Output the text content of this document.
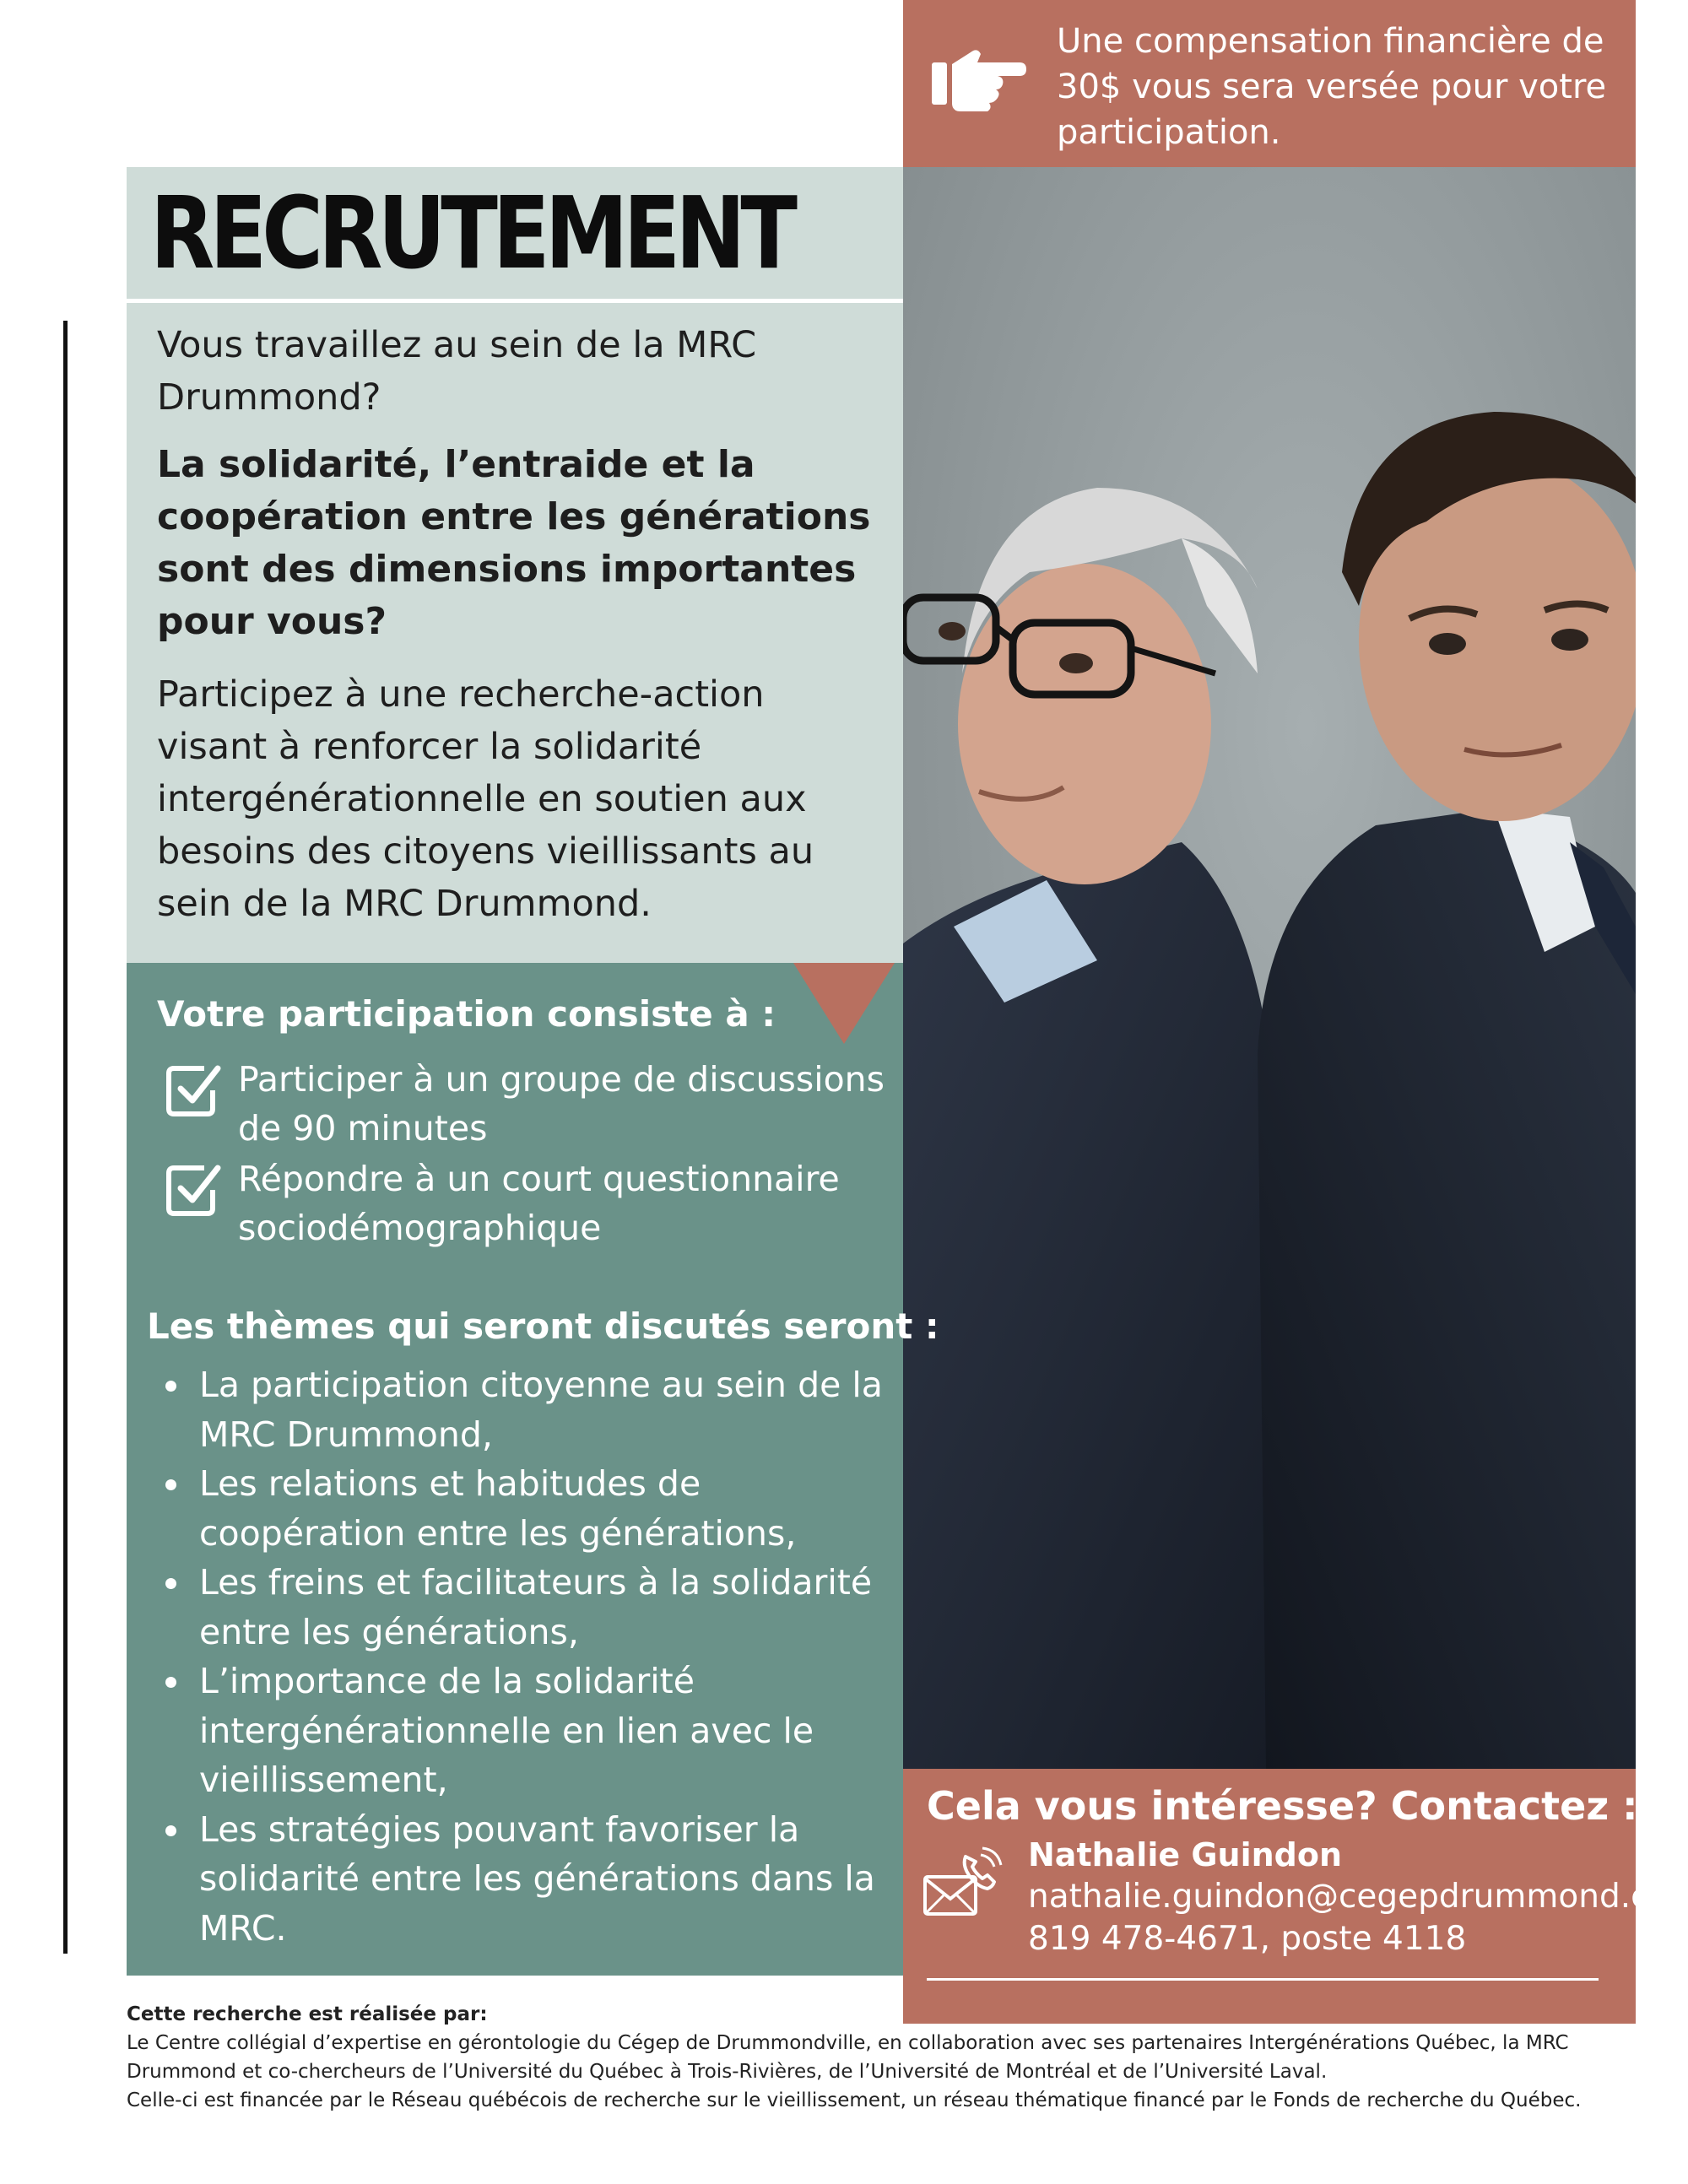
Une compensation financière de 30$ vous sera versée pour votre participation.
RECRUTEMENT
Vous travaillez au sein de la MRC Drummond?
La solidarité, l’entraide et la coopération entre les générations sont des dimensions importantes pour vous?
Participez à une recherche-action visant à renforcer la solidarité intergénérationnelle en soutien aux besoins des citoyens vieillissants au sein de la MRC Drummond.
Votre participation consiste à :
Participer à un groupe de discussions de 90 minutes
Répondre à un court questionnaire sociodémographique
Les thèmes qui seront discutés seront :
• La participation citoyenne au sein de la MRC Drummond,
• Les relations et habitudes de coopération entre les générations,
• Les freins et facilitateurs à la solidarité entre les générations,
• L’importance de la solidarité intergénérationnelle en lien avec le vieillissement,
• Les stratégies pouvant favoriser la solidarité entre les générations dans la MRC.
Cela vous intéresse? Contactez :
Nathalie Guindon
nathalie.guindon@cegepdrummond.ca
819 478-4671, poste 4118
Cette recherche est réalisée par:
Le Centre collégial d’expertise en gérontologie du Cégep de Drummondville, en collaboration avec ses partenaires Intergénérations Québec, la MRC Drummond et co-chercheurs de l’Université du Québec à Trois-Rivières, de l’Université de Montréal et de l’Université Laval.
Celle-ci est financée par le Réseau québécois de recherche sur le vieillissement, un réseau thématique financé par le Fonds de recherche du Québec.
